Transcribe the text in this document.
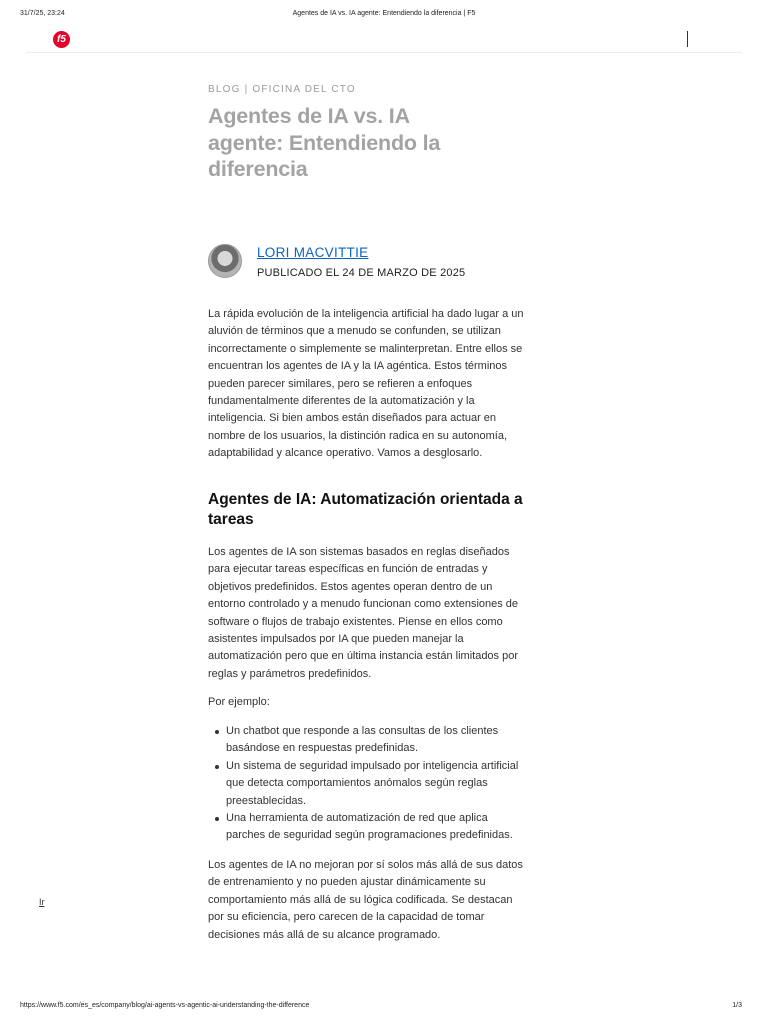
31/7/25, 23:24	Agentes de IA vs. IA agente: Entendiendo la diferencia | F5
f5
BLOG | OFICINA DEL CTO
Agentes de IA vs. IA
agente: Entendiendo la
diferencia
LORI MACVITTIE
PUBLICADO EL 24 DE MARZO DE 2025
La rápida evolución de la inteligencia artificial ha dado lugar a un
aluvión de términos que a menudo se confunden, se utilizan
incorrectamente o simplemente se malinterpretan. Entre ellos se
encuentran los agentes de IA y la IA agéntica. Estos términos
pueden parecer similares, pero se refieren a enfoques
fundamentalmente diferentes de la automatización y la
inteligencia. Si bien ambos están diseñados para actuar en
nombre de los usuarios, la distinción radica en su autonomía,
adaptabilidad y alcance operativo. Vamos a desglosarlo.
Agentes de IA: Automatización orientada a
tareas
Los agentes de IA son sistemas basados en reglas diseñados
para ejecutar tareas específicas en función de entradas y
objetivos predefinidos. Estos agentes operan dentro de un
entorno controlado y a menudo funcionan como extensiones de
software o flujos de trabajo existentes. Piense en ellos como
asistentes impulsados por IA que pueden manejar la
automatización pero que en última instancia están limitados por
reglas y parámetros predefinidos.
Por ejemplo:
Un chatbot que responde a las consultas de los clientes
basándose en respuestas predefinidas.
Un sistema de seguridad impulsado por inteligencia artificial
que detecta comportamientos anómalos según reglas
preestablecidas.
Una herramienta de automatización de red que aplica
parches de seguridad según programaciones predefinidas.
Los agentes de IA no mejoran por sí solos más allá de sus datos
de entrenamiento y no pueden ajustar dinámicamente su
comportamiento más allá de su lógica codificada. Se destacan
por su eficiencia, pero carecen de la capacidad de tomar
decisiones más allá de su alcance programado.
Ir
https://www.f5.com/es_es/company/blog/ai-agents-vs-agentic-ai-understanding-the-difference	1/3
